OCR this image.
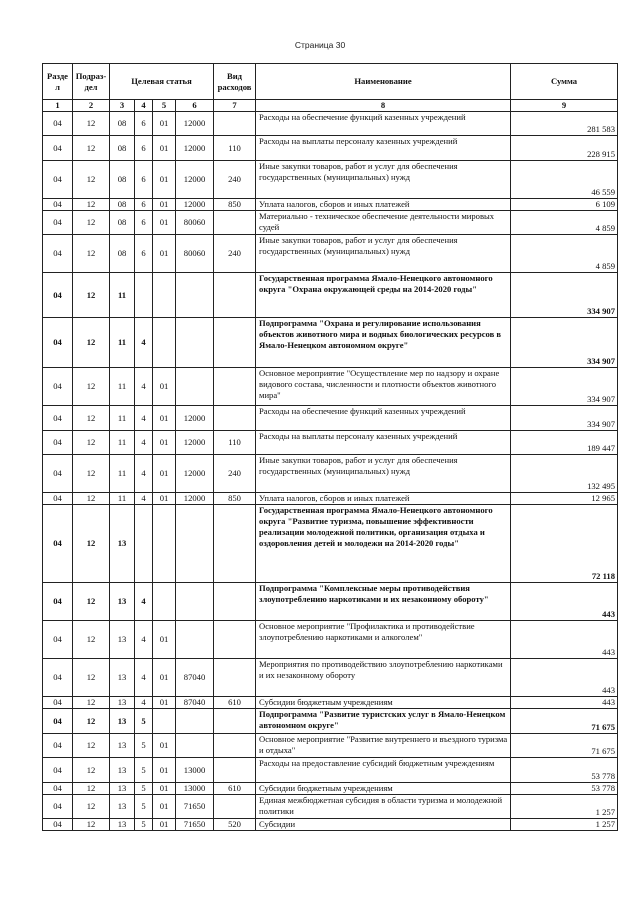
Страница 30
Разде л	Подраз- дел	Целевая статья				Вид расходов	Наименование	Сумма
1	2	3	4	5	6	7	8	9
04	12	08	6	01	12000		Расходы на обеспечение функций казенных учреждений	281 583
04	12	08	6	01	12000	110	Расходы на выплаты персоналу казенных учреждений	228 915
04	12	08	6	01	12000	240	Иные закупки товаров, работ и услуг для обеспечения государственных (муниципальных) нужд	46 559
04	12	08	6	01	12000	850	Уплата налогов, сборов и иных платежей	6 109
04	12	08	6	01	80060		Материально - техническое обеспечение деятельности мировых судей	4 859
04	12	08	6	01	80060	240	Иные закупки товаров, работ и услуг для обеспечения государственных (муниципальных) нужд	4 859
04	12	11					Государственная программа Ямало-Ненецкого автономного округа "Охрана окружающей среды на 2014-2020 годы"	334 907
04	12	11	4				Подпрограмма "Охрана и регулирование использования объектов животного мира и водных биологических ресурсов в Ямало-Ненецком автономном округе"	334 907
04	12	11	4	01			Основное мероприятие "Осуществление мер по надзору и охране видового состава, численности и плотности объектов животного мира"	334 907
04	12	11	4	01	12000		Расходы на обеспечение функций казенных учреждений	334 907
04	12	11	4	01	12000	110	Расходы на выплаты персоналу казенных учреждений	189 447
04	12	11	4	01	12000	240	Иные закупки товаров, работ и услуг для обеспечения государственных (муниципальных) нужд	132 495
04	12	11	4	01	12000	850	Уплата налогов, сборов и иных платежей	12 965
04	12	13					Государственная программа Ямало-Ненецкого автономного округа "Развитие туризма, повышение эффективности реализации молодежной политики, организация отдыха и оздоровления детей и молодежи на 2014-2020 годы"	72 118
04	12	13	4				Подпрограмма "Комплексные меры противодействия злоупотреблению наркотиками и их незаконному обороту"	443
04	12	13	4	01			Основное мероприятие "Профилактика и противодействие злоупотреблению наркотиками и алкоголем"	443
04	12	13	4	01	87040		Мероприятия по противодействию злоупотреблению наркотиками и их незаконному обороту	443
04	12	13	4	01	87040	610	Субсидии бюджетным учреждениям	443
04	12	13	5				Подпрограмма "Развитие туристских услуг в Ямало-Ненецком автономном округе"	71 675
04	12	13	5	01			Основное мероприятие "Развитие внутреннего и въездного туризма и отдыха"	71 675
04	12	13	5	01	13000		Расходы на предоставление субсидий бюджетным учреждениям	53 778
04	12	13	5	01	13000	610	Субсидии бюджетным учреждениям	53 778
04	12	13	5	01	71650		Единая межбюджетная субсидия в области туризма и молодежной политики	1 257
04	12	13	5	01	71650	520	Субсидии	1 257
